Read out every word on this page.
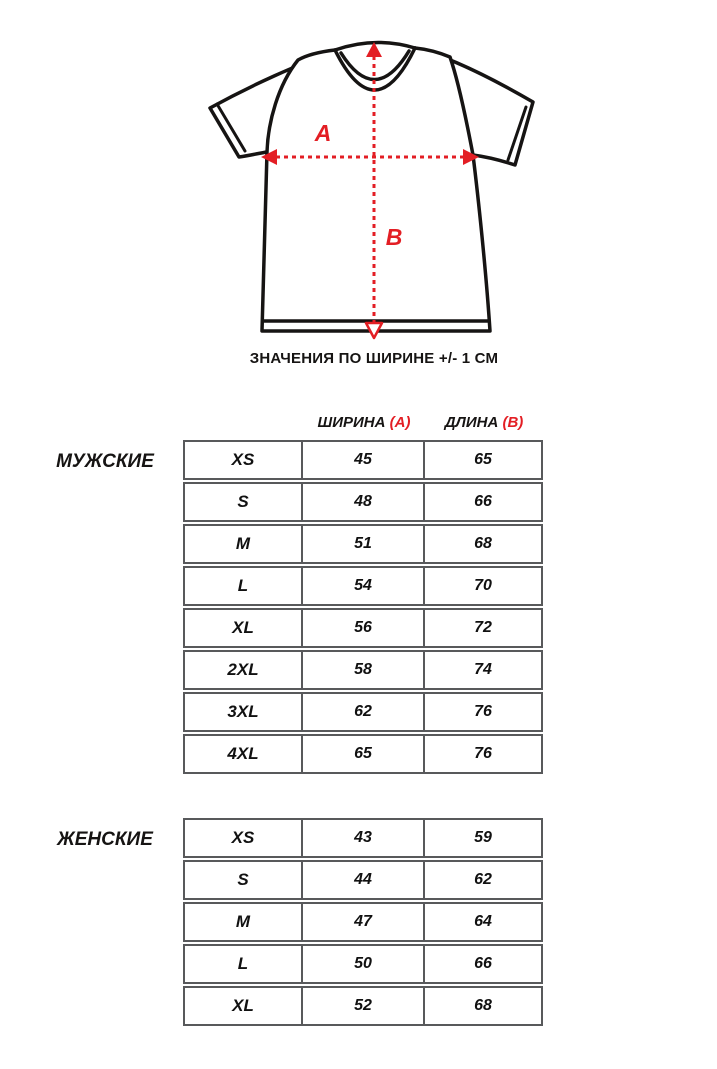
A
B
ЗНАЧЕНИЯ ПО ШИРИНЕ +/- 1 СМ
ШИРИНА (А)	ДЛИНА (В)
МУЖСКИЕ
ЖЕНСКИЕ
XS	45	65
S	48	66
M	51	68
L	54	70
XL	56	72
2XL	58	74
3XL	62	76
4XL	65	76
XS	43	59
S	44	62
M	47	64
L	50	66
XL	52	68
